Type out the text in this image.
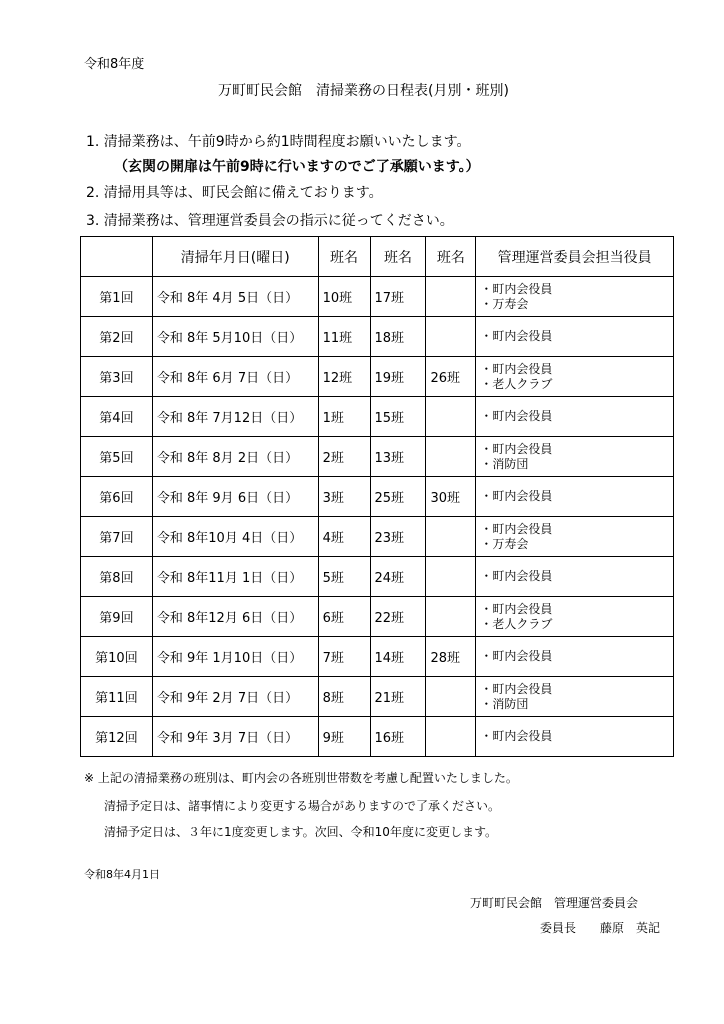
令和8年度
万町町民会館　清掃業務の日程表(月別・班別)
1. 清掃業務は、午前9時から約1時間程度お願いいたします。
（玄関の開扉は午前9時に行いますのでご了承願います。）
2. 清掃用具等は、町民会館に備えております。
3. 清掃業務は、管理運営委員会の指示に従ってください。
	清掃年月日(曜日)	班名	班名	班名	管理運営委員会担当役員
第1回	令和 8年 4月 5日（日）	10班	17班		・町内会役員
・万寿会

第2回	令和 8年 5月10日（日）	11班	18班		・町内会役員

第3回	令和 8年 6月 7日（日）	12班	19班	26班	・町内会役員
・老人クラブ

第4回	令和 8年 7月12日（日）	1班	15班		・町内会役員

第5回	令和 8年 8月 2日（日）	2班	13班		・町内会役員
・消防団

第6回	令和 8年 9月 6日（日）	3班	25班	30班	・町内会役員

第7回	令和 8年10月 4日（日）	4班	23班		・町内会役員
・万寿会

第8回	令和 8年11月 1日（日）	5班	24班		・町内会役員

第9回	令和 8年12月 6日（日）	6班	22班		・町内会役員
・老人クラブ

第10回	令和 9年 1月10日（日）	7班	14班	28班	・町内会役員

第11回	令和 9年 2月 7日（日）	8班	21班		・町内会役員
・消防団

第12回	令和 9年 3月 7日（日）	9班	16班		・町内会役員
※ 上記の清掃業務の班別は、町内会の各班別世帯数を考慮し配置いたしました。
清掃予定日は、諸事情により変更する場合がありますので了承ください。
清掃予定日は、３年に1度変更します。次回、令和10年度に変更します。
令和8年4月1日
万町町民会館　管理運営委員会
委員長　　藤原　英記
